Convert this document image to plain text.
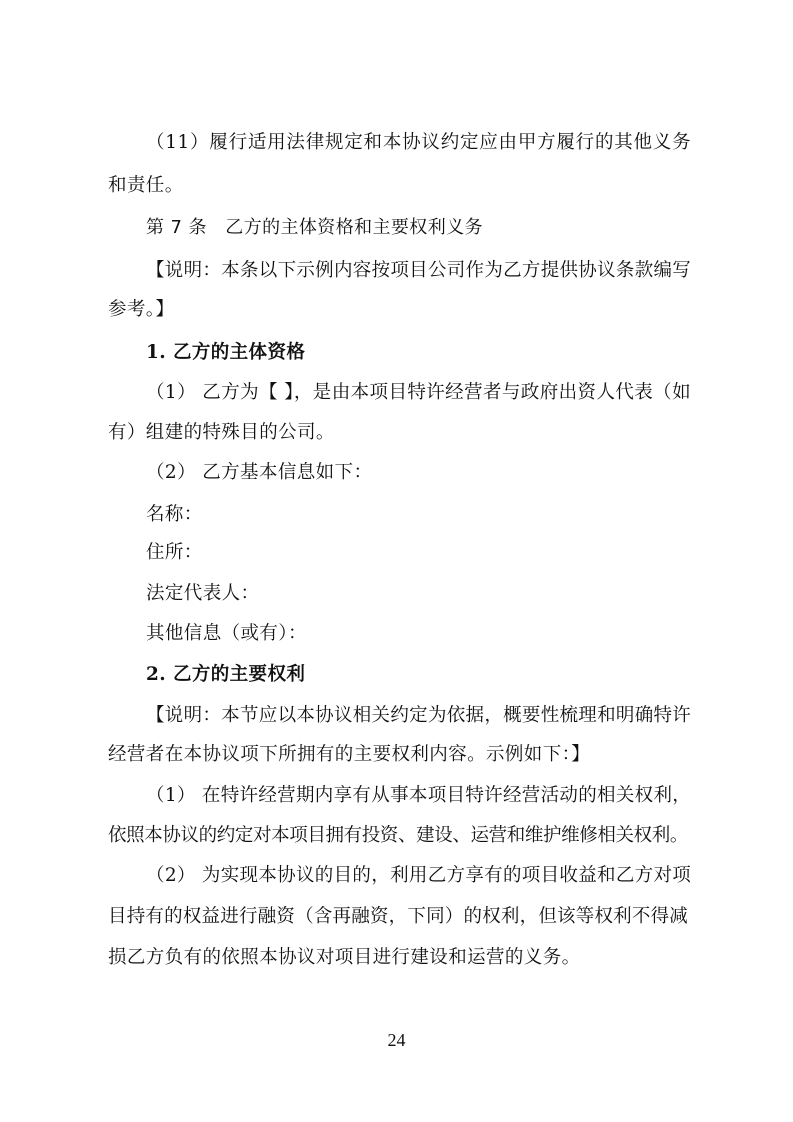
（11）履行适用法律规定和本协议约定应由甲方履行的其他义务
和责任。
第 7 条　乙方的主体资格和主要权利义务
【说明：本条以下示例内容按项目公司作为乙方提供协议条款编写
参考。】
1. 乙方的主体资格
（1） 乙方为【 】，是由本项目特许经营者与政府出资人代表（如
有）组建的特殊目的公司。
（2） 乙方基本信息如下：
名称：
住所：
法定代表人：
其他信息（或有）：
2. 乙方的主要权利
【说明：本节应以本协议相关约定为依据，概要性梳理和明确特许
经营者在本协议项下所拥有的主要权利内容。示例如下：】
（1） 在特许经营期内享有从事本项目特许经营活动的相关权利，
依照本协议的约定对本项目拥有投资、建设、运营和维护维修相关权利。
（2） 为实现本协议的目的，利用乙方享有的项目收益和乙方对项
目持有的权益进行融资（含再融资，下同）的权利，但该等权利不得减
损乙方负有的依照本协议对项目进行建设和运营的义务。
24
